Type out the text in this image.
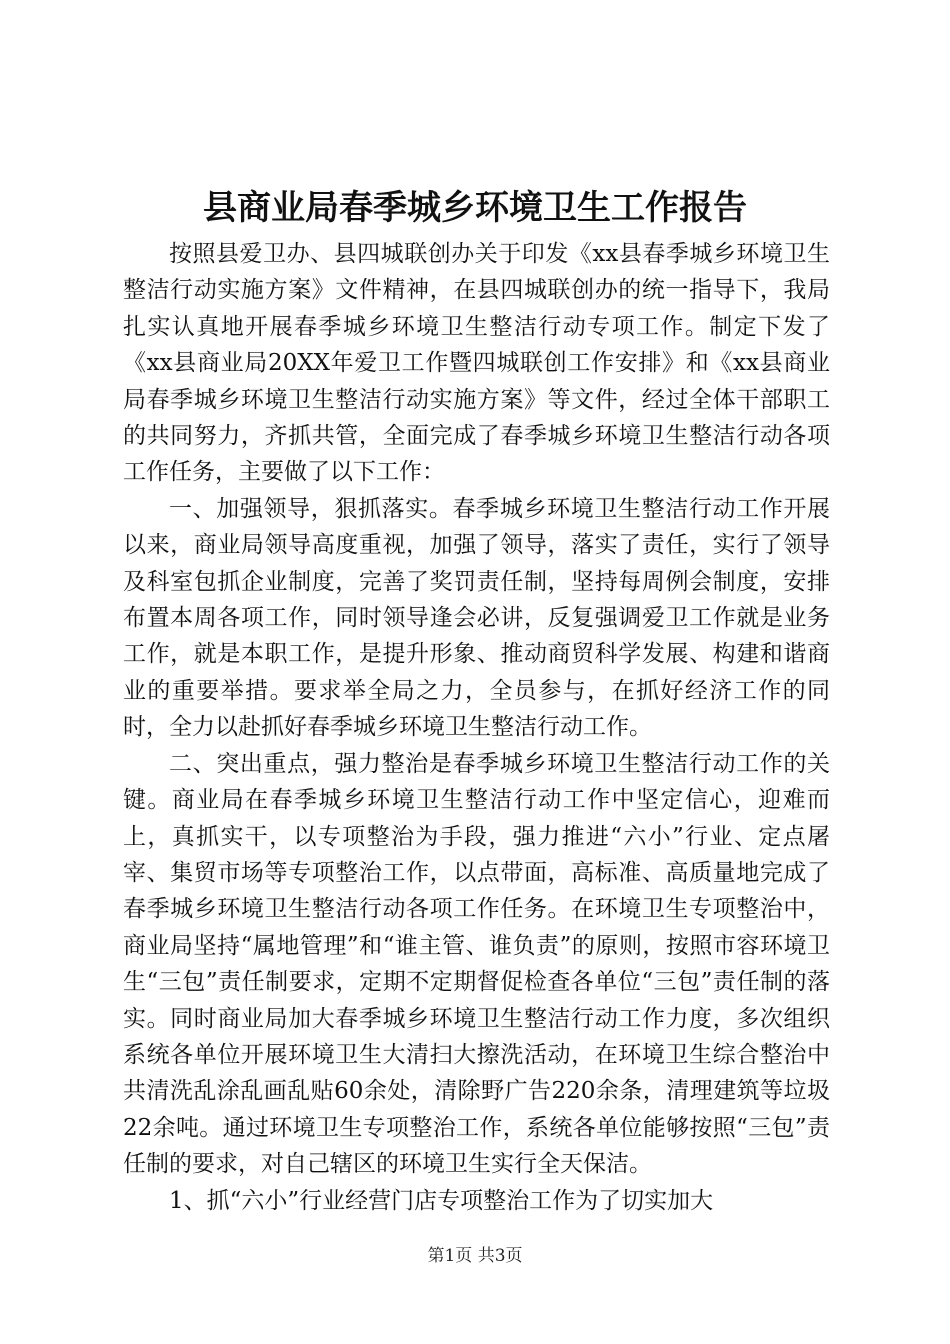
县商业局春季城乡环境卫生工作报告

按照县爱卫办、县四城联创办关于印发《xx县春季城乡环境卫生整洁行动实施方案》文件精神，在县四城联创办的统一指导下，我局扎实认真地开展春季城乡环境卫生整洁行动专项工作。制定下发了《xx县商业局20XX年爱卫工作暨四城联创工作安排》和《xx县商业局春季城乡环境卫生整洁行动实施方案》等文件，经过全体干部职工的共同努力，齐抓共管，全面完成了春季城乡环境卫生整洁行动各项工作任务，主要做了以下工作：

一、加强领导，狠抓落实。春季城乡环境卫生整洁行动工作开展以来，商业局领导高度重视，加强了领导，落实了责任，实行了领导及科室包抓企业制度，完善了奖罚责任制，坚持每周例会制度，安排布置本周各项工作，同时领导逢会必讲，反复强调爱卫工作就是业务工作，就是本职工作，是提升形象、推动商贸科学发展、构建和谐商业的重要举措。要求举全局之力，全员参与，在抓好经济工作的同时，全力以赴抓好春季城乡环境卫生整洁行动工作。

二、突出重点，强力整治是春季城乡环境卫生整洁行动工作的关键。商业局在春季城乡环境卫生整洁行动工作中坚定信心，迎难而上，真抓实干，以专项整治为手段，强力推进“六小”行业、定点屠宰、集贸市场等专项整治工作，以点带面，高标准、高质量地完成了春季城乡环境卫生整洁行动各项工作任务。在环境卫生专项整治中，商业局坚持“属地管理”和“谁主管、谁负责”的原则，按照市容环境卫生“三包”责任制要求，定期不定期督促检查各单位“三包”责任制的落实。同时商业局加大春季城乡环境卫生整洁行动工作力度，多次组织系统各单位开展环境卫生大清扫大擦洗活动，在环境卫生综合整治中共清洗乱涂乱画乱贴60余处，清除野广告220余条，清理建筑等垃圾22余吨。通过环境卫生专项整治工作，系统各单位能够按照“三包”责任制的要求，对自己辖区的环境卫生实行全天保洁。

1、抓“六小”行业经营门店专项整治工作为了切实加大

第1页 共3页
